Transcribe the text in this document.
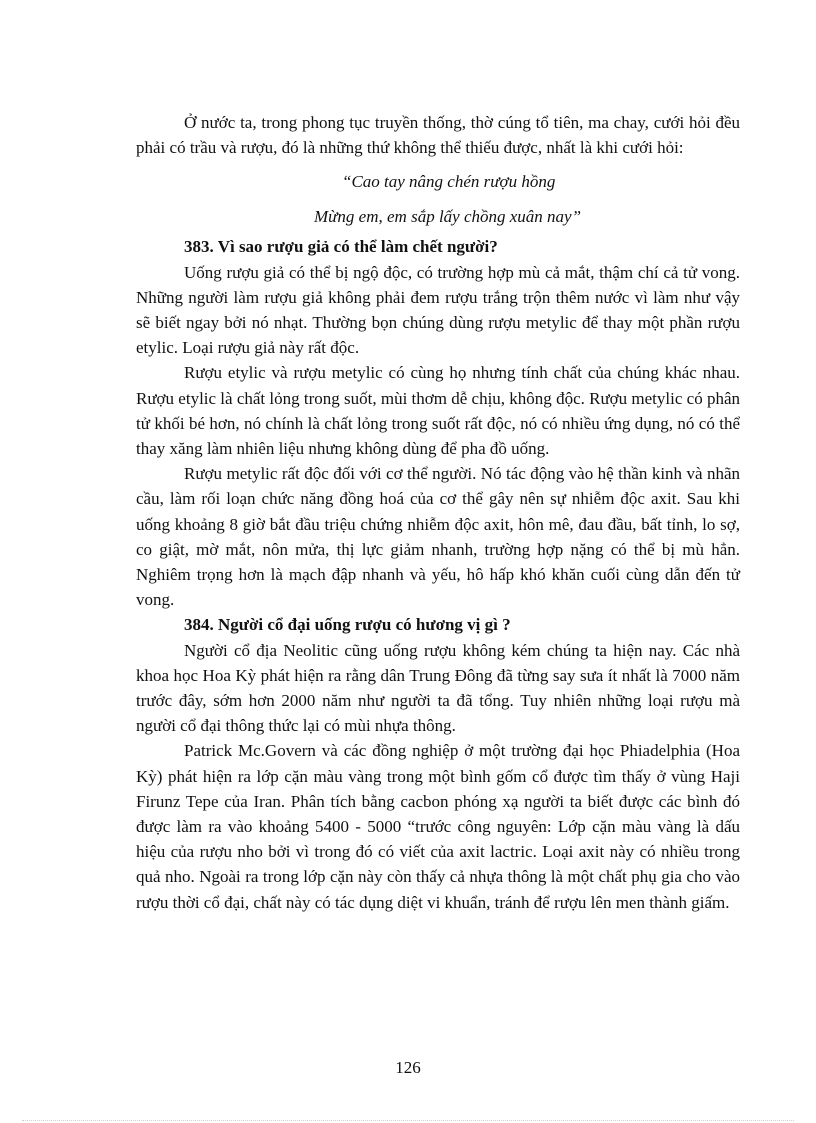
Ở nước ta, trong phong tục truyền thống, thờ cúng tổ tiên, ma chay, cưới hỏi đều phải có trầu và rượu, đó là những thứ không thể thiếu được, nhất là khi cưới hỏi:

“Cao tay nâng chén rượu hồng

Mừng em, em sắp lấy chồng xuân nay”

383. Vì sao rượu giả có thể làm chết người?

Uống rượu giả có thể bị ngộ độc, có trường hợp mù cả mắt, thậm chí cả tử vong. Những người làm rượu giả không phải đem rượu trắng trộn thêm nước vì làm như vậy sẽ biết ngay bởi nó nhạt. Thường bọn chúng dùng rượu metylic để thay một phần rượu etylic. Loại rượu giả này rất độc.

Rượu etylic và rượu metylic có cùng họ nhưng tính chất của chúng khác nhau. Rượu etylic là chất lỏng trong suốt, mùi thơm dễ chịu, không độc. Rượu metylic có phân tử khối bé hơn, nó chính là chất lỏng trong suốt rất độc, nó có nhiều ứng dụng, nó có thể thay xăng làm nhiên liệu nhưng không dùng để pha đồ uống.

Rượu metylic rất độc đối với cơ thể người. Nó tác động vào hệ thần kinh và nhãn cầu, làm rối loạn chức năng đồng hoá của cơ thể gây nên sự nhiễm độc axit. Sau khi uống khoảng 8 giờ bắt đầu triệu chứng nhiễm độc axit, hôn mê, đau đầu, bất tỉnh, lo sợ, co giật, mờ mắt, nôn mửa, thị lực giảm nhanh, trường hợp nặng có thể bị mù hẳn. Nghiêm trọng hơn là mạch đập nhanh và yếu, hô hấp khó khăn cuối cùng dẫn đến tử vong.

384. Người cổ đại uống rượu có hương vị gì ?

Người cổ địa Neolitic cũng uống rượu không kém chúng ta hiện nay. Các nhà khoa học Hoa Kỳ phát hiện ra rằng dân Trung Đông đã từng say sưa ít nhất là 7000 năm trước đây, sớm hơn 2000 năm như người ta đã tổng. Tuy nhiên những loại rượu mà người cổ đại thông thức lại có mùi nhựa thông.

Patrick Mc.Govern và các đồng nghiệp ở một trường đại học Phiadelphia (Hoa Kỳ) phát hiện ra lớp cặn màu vàng trong một bình gốm cổ được tìm thấy ở vùng Haji Firunz Tepe của Iran. Phân tích bằng cacbon phóng xạ người ta biết được các bình đó được làm ra vào khoảng 5400 - 5000 “trước công nguyên: Lớp cặn màu vàng là dấu hiệu của rượu nho bởi vì trong đó có viết của axit lactric. Loại axit này có nhiều trong quả nho. Ngoài ra trong lớp cặn này còn thấy cả nhựa thông là một chất phụ gia cho vào rượu thời cổ đại, chất này có tác dụng diệt vi khuẩn, tránh để rượu lên men thành giấm.

126
